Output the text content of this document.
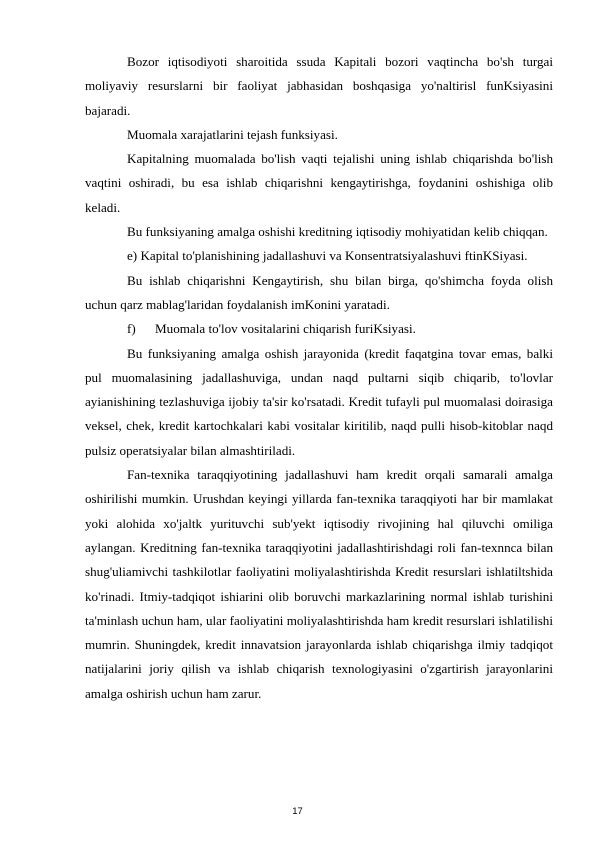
Bozor iqtisodiyoti sharoitida ssuda Kapitali bozori vaqtincha bo'sh turgai moliyaviy resurslarni bir faoliyat jabhasidan boshqasiga yo'naltirisl funKsiyasini bajaradi.

Muomala xarajatlarini tejash funksiyasi.

Kapitalning muomalada bo'lish vaqti tejalishi uning ishlab chiqarishda bo'lish vaqtini oshiradi, bu esa ishlab chiqarishni kengaytirishga, foydanini oshishiga olib keladi.

Bu funksiyaning amalga oshishi kreditning iqtisodiy mohiyatidan kelib chiqqan.

e) Kapital to'planishining jadallashuvi va Konsentratsiyalashuvi ftinKSiyasi.

Bu ishlab chiqarishni Kengaytirish, shu bilan birga, qo'shimcha foyda olish uchun qarz mablag'laridan foydalanish imKonini yaratadi.

f) Muomala to'lov vositalarini chiqarish furiKsiyasi.

Bu funksiyaning amalga oshish jarayonida (kredit faqatgina tovar emas, balki pul muomalasining jadallashuviga, undan naqd pultarni siqib chiqarib, to'lovlar ayianishining tezlashuviga ijobiy ta'sir ko'rsatadi. Kredit tufayli pul muomalasi doirasiga veksel, chek, kredit kartochkalari kabi vositalar kiritilib, naqd pulli hisob-kitoblar naqd pulsiz operatsiyalar bilan almashtiriladi.

Fan-texnika taraqqiyotining jadallashuvi ham kredit orqali samarali amalga oshirilishi mumkin. Urushdan keyingi yillarda fan-texnika taraqqiyoti har bir mamlakat yoki alohida xo'jaltk yurituvchi sub'yekt iqtisodiy rivojining hal qiluvchi omiliga aylangan. Kreditning fan-texnika taraqqiyotini jadallashtirishdagi roli fan-texnnca bilan shug'uliamivchi tashkilotlar faoliyatini moliyalashtirishda Kredit resurslari ishlatiltshida ko'rinadi. Itmiy-tadqiqot ishiarini olib boruvchi markazlarining normal ishlab turishini ta'minlash uchun ham, ular faoliyatini moliyalashtirishda ham kredit resurslari ishlatilishi mumrin. Shuningdek, kredit innavatsion jarayonlarda ishlab chiqarishga ilmiy tadqiqot natijalarini joriy qilish va ishlab chiqarish texnologiyasini o'zgartirish jarayonlarini amalga oshirish uchun ham zarur.

17
